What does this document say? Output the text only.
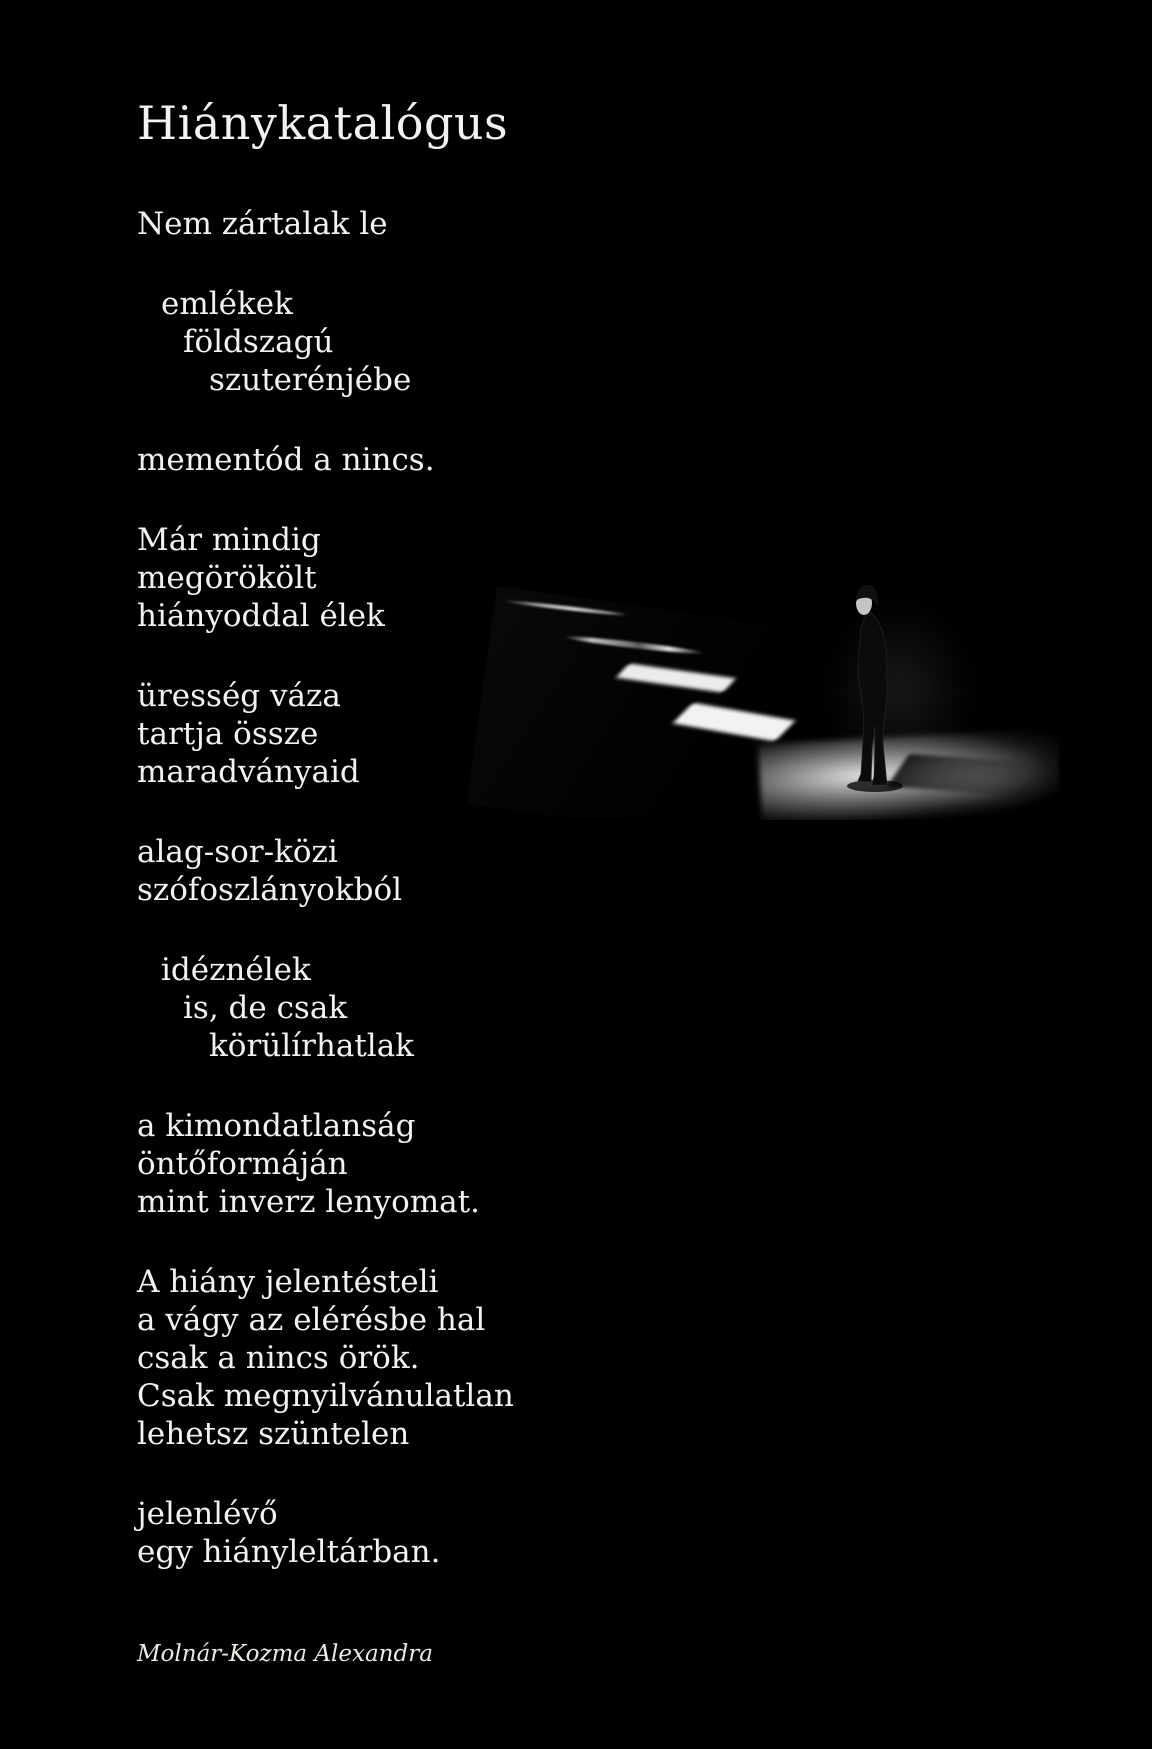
Hiánykatalógus
Nem zártalak le
emlékek
földszagú
szuterénjébe
mementód a nincs.
Már mindig
megörökölt
hiányoddal élek
üresség váza
tartja össze
maradványaid
alag-sor-közi
szófoszlányokból
idéznélek
is, de csak
körülírhatlak
a kimondatlanság
öntőformáján
mint inverz lenyomat.
A hiány jelentésteli
a vágy az elérésbe hal
csak a nincs örök.
Csak megnyilvánulatlan
lehetsz szüntelen
jelenlévő
egy hiányleltárban.
Molnár-Kozma Alexandra
